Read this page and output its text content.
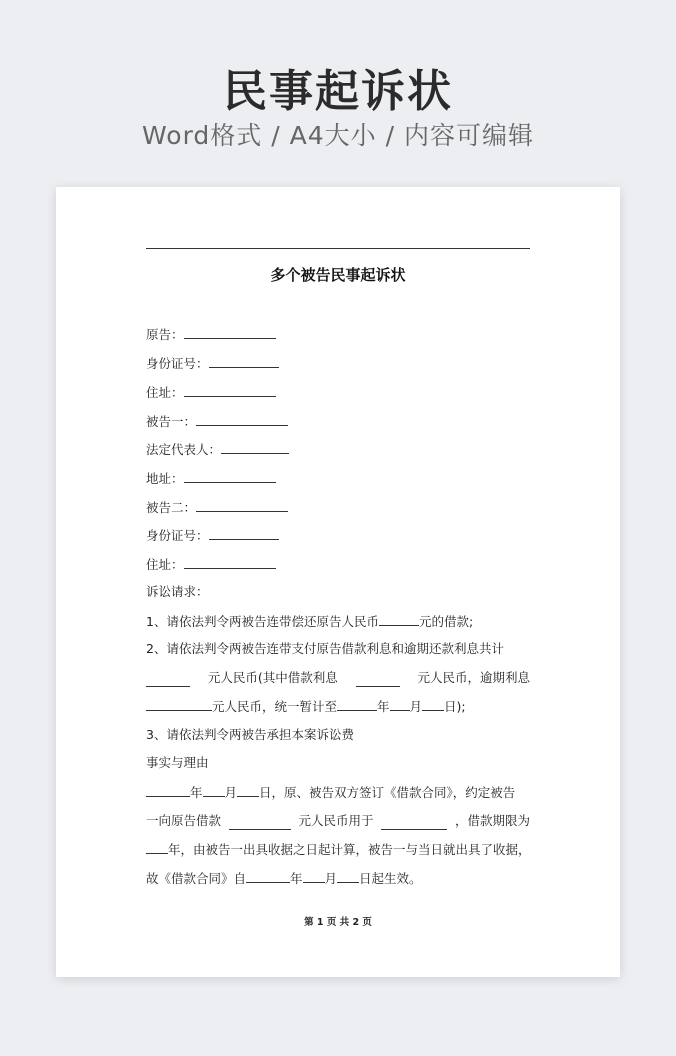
民事起诉状
Word格式 / A4大小 / 内容可编辑
多个被告民事起诉状
原告：
身份证号：
住址：
被告一：
法定代表人：
地址：
被告二：
身份证号：
住址：
诉讼请求：
1、请依法判令两被告连带偿还原告人民币	元的借款;
2、请依法判令两被告连带支付原告借款利息和逾期还款利息共计
元人民币(其中借款利息	元人民币，逾期利息
元人民币，统一暂计至	年 月 日);
3、请依法判令两被告承担本案诉讼费
事实与理由
年 月 日，原、被告双方签订《借款合同》，约定被告
一向原告借款	元人民币用于	，借款期限为
年，由被告一出具收据之日起计算，被告一与当日就出具了收据，
故《借款合同》自	年 月 日起生效。
第 1 页 共 2 页
